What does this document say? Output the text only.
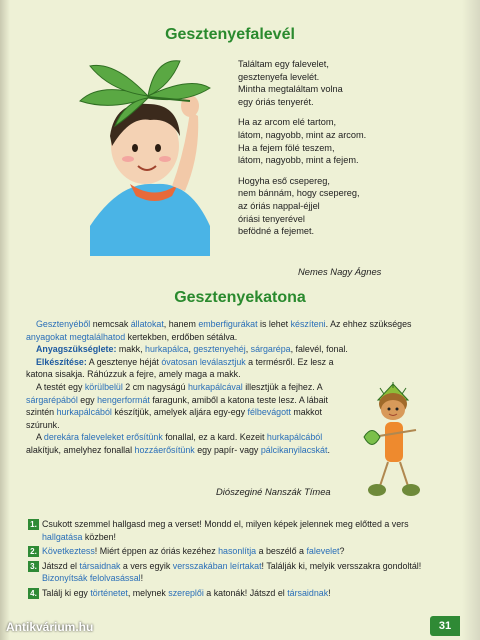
Gesztenyefalevél
Találtam egy falevelet,
gesztenyefa levelét.
Mintha megtaláltam volna
egy óriás tenyerét.
Ha az arcom elé tartom,
látom, nagyobb, mint az arcom.
Ha a fejem fölé teszem,
látom, nagyobb, mint a fejem.
Hogyha eső csepereg,
nem bánnám, hogy csepereg,
az óriás nappal-éjjel
óriási tenyerével
befödné a fejemet.
Nemes Nagy Ágnes
Gesztenyekatona

Gesztenyéből nemcsak állatokat, hanem emberfigurákat is lehet készíteni. Az ehhez szükséges anyagokat megtalálhatod kertekben, erdőben sétálva.

Anyagszükséglete: makk, hurkapálca, gesztenyehéj, sárgarépa, falevél, fonal.

Elkészítése: A gesztenye héját óvatosan leválasztjuk a termésről. Ez lesz a katona sisakja. Ráhúzzuk a fejre, amely maga a makk.

A testét egy körülbelül 2 cm nagyságú hurkapálcával illesztjük a fejhez. A sárgarépából egy hengerformát faragunk, amiből a katona teste lesz. A lábait szintén hurkapálcából készítjük, amelyek aljára egy-egy félbevágott makkot szúrunk.

A derekára faleveleket erősítünk fonallal, ez a kard. Kezeit hurkapálcából alakítjuk, amelyhez fonallal hozzáerősítünk egy papír- vagy pálcikanyilacskát.

Diószeginé Nanszák Tímea
1. Csukott szemmel hallgasd meg a verset! Mondd el, milyen képek jelennek meg előtted a vers hallgatása közben!
2. Következtess! Miért éppen az óriás kezéhez hasonlítja a beszélő a falevelet?
3. Játszd el társaidnak a vers egyik versszakában leírtakat! Találják ki, melyik versszakra gondoltál! Bizonyítsák felolvasással!
4. Találj ki egy történetet, melynek szereplői a katonák! Játszd el társaidnak!
31
Antikvárium.hu
